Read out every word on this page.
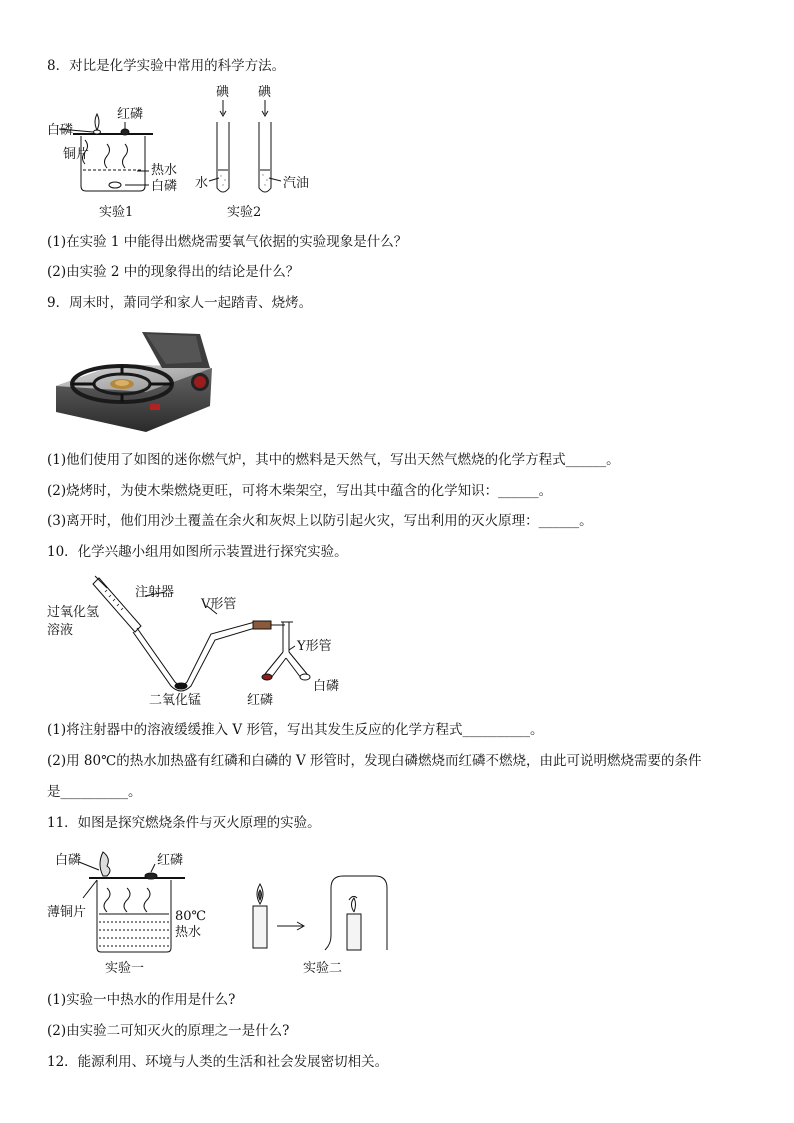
8．对比是化学实验中常用的科学方法。
白磷
红磷
铜片
热水
白磷
实验1
碘 碘
水	汽油
实验2
(1)在实验 1 中能得出燃烧需要氧气依据的实验现象是什么？
(2)由实验 2 中的现象得出的结论是什么？
9．周末时，萧同学和家人一起踏青、烧烤。
(1)他们使用了如图的迷你燃气炉，其中的燃料是天然气，写出天然气燃烧的化学方程式______。
(2)烧烤时，为使木柴燃烧更旺，可将木柴架空，写出其中蕴含的化学知识：______。
(3)离开时，他们用沙土覆盖在余火和灰烬上以防引起火灾，写出利用的灭火原理：______。
10．化学兴趣小组用如图所示装置进行探究实验。
注射器
过氧化氢
溶液
V形管
Y形管
二氧化锰	红磷
白磷
(1)将注射器中的溶液缓缓推入 V 形管，写出其发生反应的化学方程式__________。
(2)用 80℃的热水加热盛有红磷和白磷的 V 形管时，发现白磷燃烧而红磷不燃烧，由此可说明燃烧需要的条件
是__________。
11．如图是探究燃烧条件与灭火原理的实验。
白磷	红磷
薄铜片	80℃
热水
实验一	实验二
(1)实验一中热水的作用是什么?
(2)由实验二可知灭火的原理之一是什么?
12．能源利用、环境与人类的生活和社会发展密切相关。
